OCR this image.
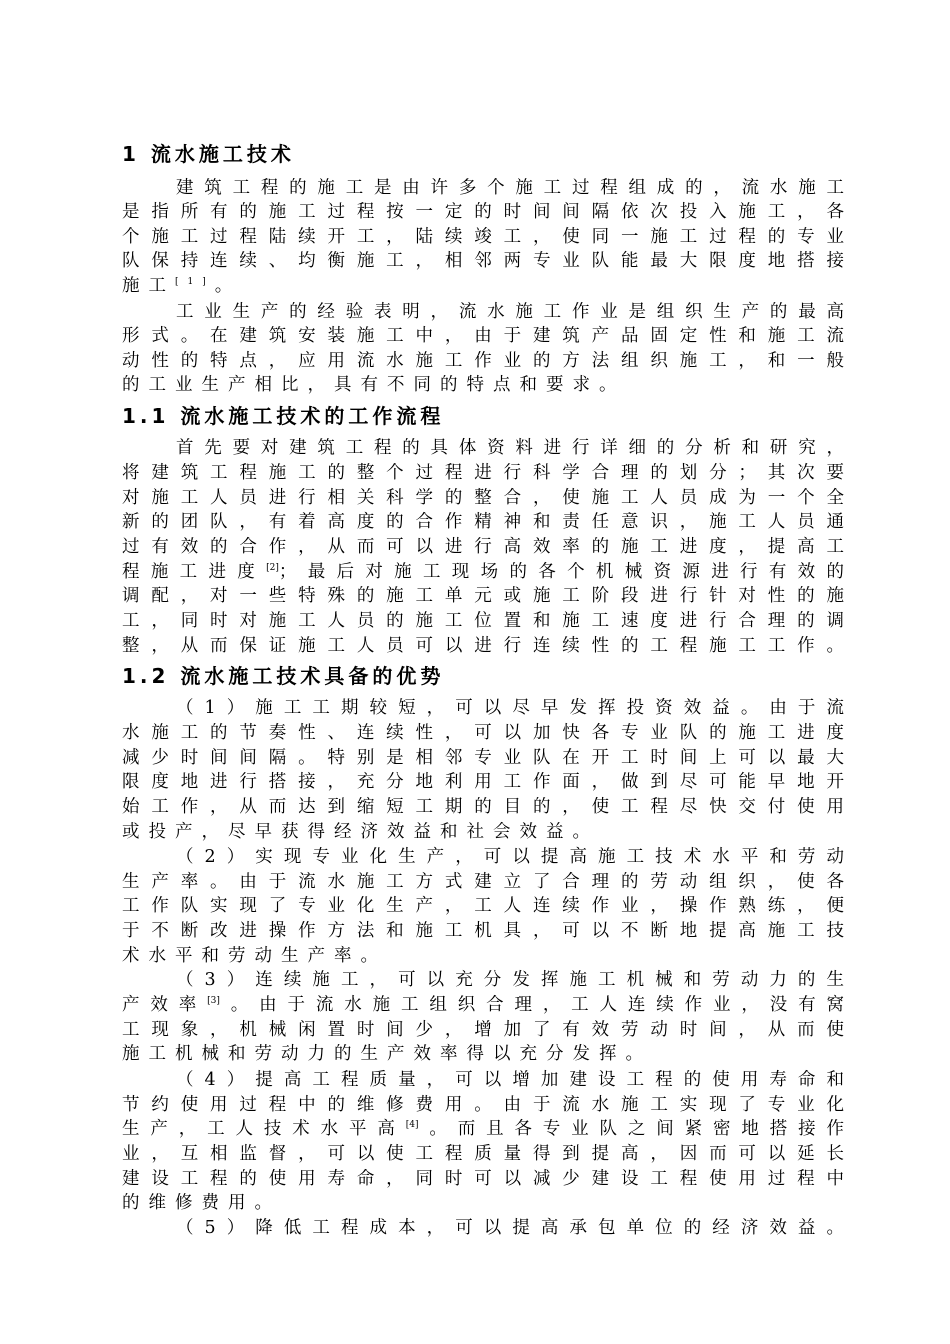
1 流水施工技术
建筑工程的施工是由许多个施工过程组成的，流水施工
是指所有的施工过程按一定的时间间隔依次投入施工，各
个施工过程陆续开工，陆续竣工，使同一施工过程的专业
队保持连续、均衡施工，相邻两专业队能最大限度地搭接
施工[1]。
工业生产的经验表明，流水施工作业是组织生产的最高
形式。在建筑安装施工中，由于建筑产品固定性和施工流
动性的特点，应用流水施工作业的方法组织施工，和一般
的工业生产相比，具有不同的特点和要求。
1.1 流水施工技术的工作流程
首先要对建筑工程的具体资料进行详细的分析和研究，
将建筑工程施工的整个过程进行科学合理的划分；其次要
对施工人员进行相关科学的整合，使施工人员成为一个全
新的团队，有着高度的合作精神和责任意识，施工人员通
过有效的合作，从而可以进行高效率的施工进度，提高工
程施工进度[2]；最后对施工现场的各个机械资源进行有效的
调配，对一些特殊的施工单元或施工阶段进行针对性的施
工，同时对施工人员的施工位置和施工速度进行合理的调
整，从而保证施工人员可以进行连续性的工程施工工作。
1.2 流水施工技术具备的优势
（1）施工工期较短，可以尽早发挥投资效益。由于流
水施工的节奏性、连续性，可以加快各专业队的施工进度
减少时间间隔。特别是相邻专业队在开工时间上可以最大
限度地进行搭接，充分地利用工作面，做到尽可能早地开
始工作，从而达到缩短工期的目的，使工程尽快交付使用
或投产，尽早获得经济效益和社会效益。
（2）实现专业化生产，可以提高施工技术水平和劳动
生产率。由于流水施工方式建立了合理的劳动组织，使各
工作队实现了专业化生产，工人连续作业，操作熟练，便
于不断改进操作方法和施工机具，可以不断地提高施工技
术水平和劳动生产率。
（3）连续施工，可以充分发挥施工机械和劳动力的生
产效率[3]。由于流水施工组织合理，工人连续作业，没有窝
工现象，机械闲置时间少，增加了有效劳动时间，从而使
施工机械和劳动力的生产效率得以充分发挥。
（4）提高工程质量，可以增加建设工程的使用寿命和
节约使用过程中的维修费用。由于流水施工实现了专业化
生产，工人技术水平高[4]。而且各专业队之间紧密地搭接作
业，互相监督，可以使工程质量得到提高，因而可以延长
建设工程的使用寿命，同时可以减少建设工程使用过程中
的维修费用。
（5）降低工程成本，可以提高承包单位的经济效益。
